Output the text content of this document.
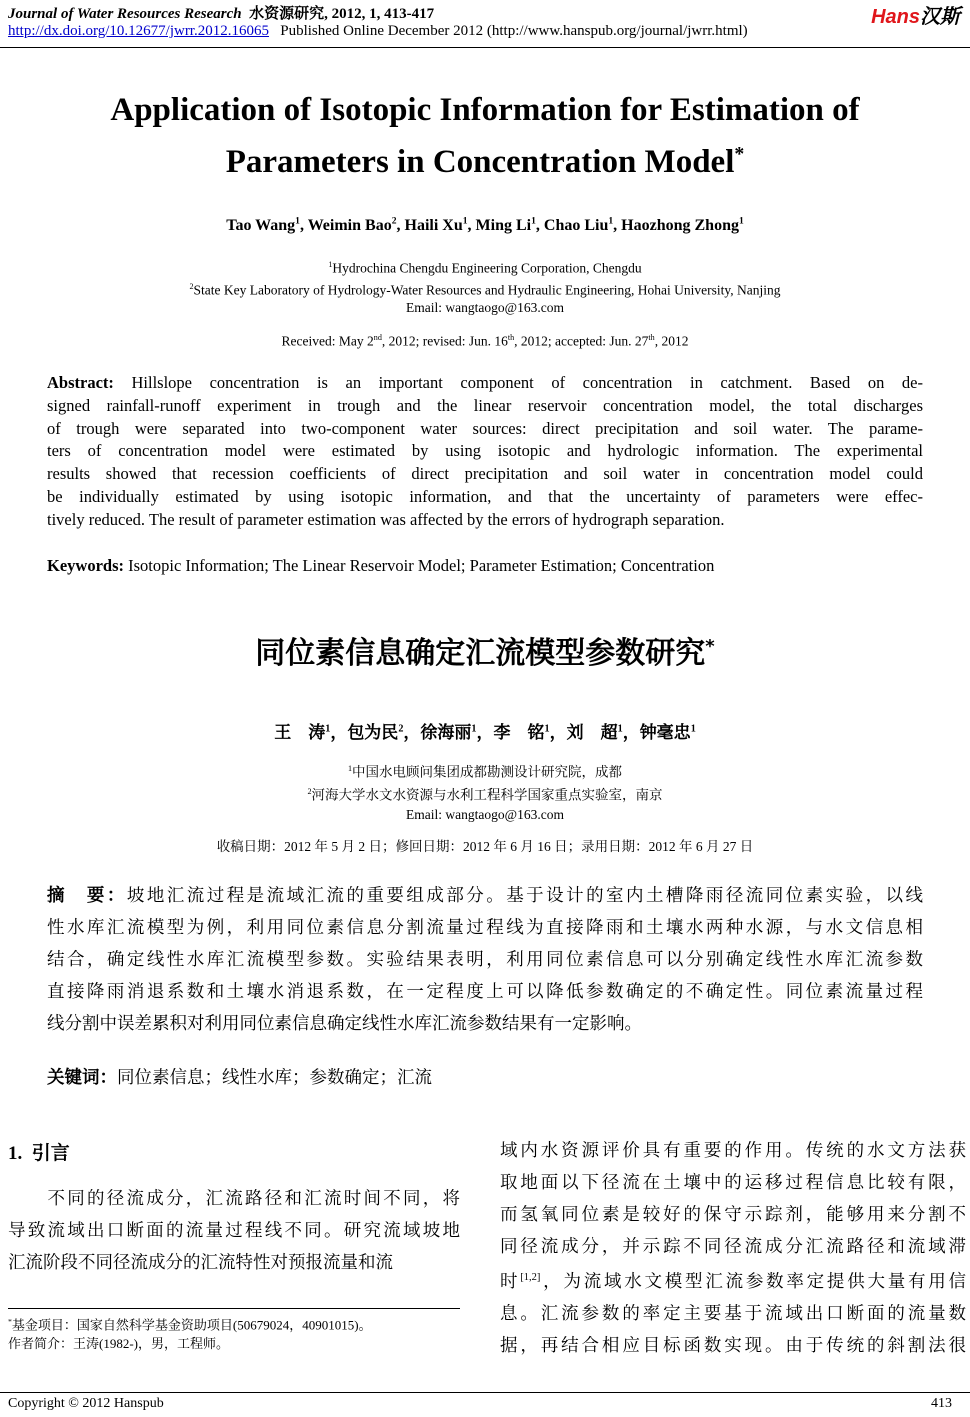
Journal of Water Resources Research 水资源研究, 2012, 1, 413-417
http://dx.doi.org/10.12677/jwrr.2012.16065 Published Online December 2012 (http://www.hanspub.org/journal/jwrr.html)
Hans汉斯
Application of Isotopic Information for Estimation of
Parameters in Concentration Model*
Tao Wang$^1$, Weimin Bao$^2$, Haili Xu$^1$, Ming Li$^1$, Chao Liu$^1$, Haozhong Zhong$^1$
$^1$Hydrochina Chengdu Engineering Corporation, Chengdu
$^2$State Key Laboratory of Hydrology-Water Resources and Hydraulic Engineering, Hohai University, Nanjing
Email: wangtaogo@163.com
Received: May 2nd, 2012; revised: Jun. 16th, 2012; accepted: Jun. 27th, 2012
Abstract: Hillslope concentration is an important component of concentration in catchment. Based on de-
signed rainfall-runoff experiment in trough and the linear reservoir concentration model, the total discharges
of trough were separated into two-component water sources: direct precipitation and soil water. The parame-
ters of concentration model were estimated by using isotopic and hydrologic information. The experimental
results showed that recession coefficients of direct precipitation and soil water in concentration model could
be individually estimated by using isotopic information, and that the uncertainty of parameters were effec-
tively reduced. The result of parameter estimation was affected by the errors of hydrograph separation.
Keywords: Isotopic Information; The Linear Reservoir Model; Parameter Estimation; Concentration
同位素信息确定汇流模型参数研究*
王　涛$^1$，包为民$^2$，徐海丽$^1$，李　铭$^1$，刘　超$^1$，钟毫忠$^1$
$^1$中国水电顾问集团成都勘测设计研究院，成都
$^2$河海大学水文水资源与水利工程科学国家重点实验室，南京
Email: wangtaogo@163.com
收稿日期：2012 年 5 月 2 日；修回日期：2012 年 6 月 16 日；录用日期：2012 年 6 月 27 日
摘　要：坡地汇流过程是流域汇流的重要组成部分。基于设计的室内土槽降雨径流同位素实验，以线
性水库汇流模型为例，利用同位素信息分割流量过程线为直接降雨和土壤水两种水源，与水文信息相
结合，确定线性水库汇流模型参数。实验结果表明，利用同位素信息可以分别确定线性水库汇流参数
直接降雨消退系数和土壤水消退系数，在一定程度上可以降低参数确定的不确定性。同位素流量过程
线分割中误差累积对利用同位素信息确定线性水库汇流参数结果有一定影响。
关键词：同位素信息；线性水库；参数确定；汇流
1. 引言
　　不同的径流成分，汇流路径和汇流时间不同，将
导致流域出口断面的流量过程线不同。研究流域坡地
汇流阶段不同径流成分的汇流特性对预报流量和流
域内水资源评价具有重要的作用。传统的水文方法获
取地面以下径流在土壤中的运移过程信息比较有限，
而氢氧同位素是较好的保守示踪剂，能够用来分割不
同径流成分，并示踪不同径流成分汇流路径和流域滞
时[1,2]，为流域水文模型汇流参数率定提供大量有用信
息。汇流参数的率定主要基于流域出口断面的流量数
据，再结合相应目标函数实现。由于传统的斜割法很
*基金项目：国家自然科学基金资助项目(50679024，40901015)。
作者简介：王涛(1982-)，男，工程师。
Copyright © 2012 Hanspub	413
